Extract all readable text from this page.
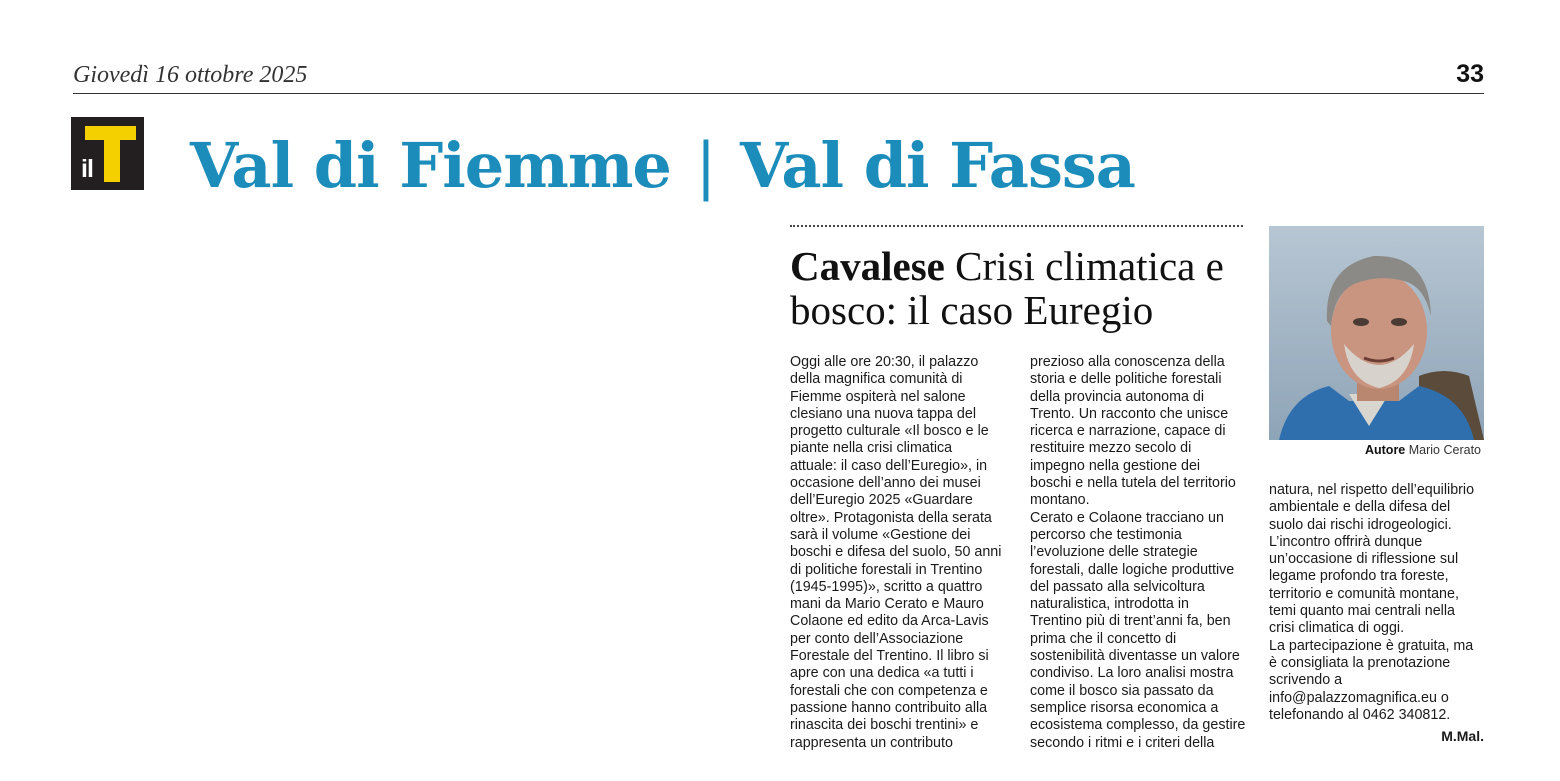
Giovedì 16 ottobre 2025	33
il Val di Fiemme | Val di Fassa
Cavalese Crisi climatica e bosco: il caso Euregio
Oggi alle ore 20:30, il palazzo
della magnifica comunità di
Fiemme ospiterà nel salone
clesiano una nuova tappa del
progetto culturale «Il bosco e le
piante nella crisi climatica
attuale: il caso dell’Euregio», in
occasione dell’anno dei musei
dell’Euregio 2025 «Guardare
oltre». Protagonista della serata
sarà il volume «Gestione dei
boschi e difesa del suolo, 50 anni
di politiche forestali in Trentino
(1945-1995)», scritto a quattro
mani da Mario Cerato e Mauro
Colaone ed edito da Arca-Lavis
per conto dell’Associazione
Forestale del Trentino. Il libro si
apre con una dedica «a tutti i
forestali che con competenza e
passione hanno contribuito alla
rinascita dei boschi trentini» e
rappresenta un contributo
prezioso alla conoscenza della
storia e delle politiche forestali
della provincia autonoma di
Trento. Un racconto che unisce
ricerca e narrazione, capace di
restituire mezzo secolo di
impegno nella gestione dei
boschi e nella tutela del territorio
montano.
Cerato e Colaone tracciano un
percorso che testimonia
l’evoluzione delle strategie
forestali, dalle logiche produttive
del passato alla selvicoltura
naturalistica, introdotta in
Trentino più di trent’anni fa, ben
prima che il concetto di
sostenibilità diventasse un valore
condiviso. La loro analisi mostra
come il bosco sia passato da
semplice risorsa economica a
ecosistema complesso, da gestire
secondo i ritmi e i criteri della
Autore Mario Cerato
natura, nel rispetto dell’equilibrio
ambientale e della difesa del
suolo dai rischi idrogeologici.
L’incontro offrirà dunque
un’occasione di riflessione sul
legame profondo tra foreste,
territorio e comunità montane,
temi quanto mai centrali nella
crisi climatica di oggi.
La partecipazione è gratuita, ma
è consigliata la prenotazione
scrivendo a
info@palazzomagnifica.eu o
telefonando al 0462 340812.
M.Mal.
